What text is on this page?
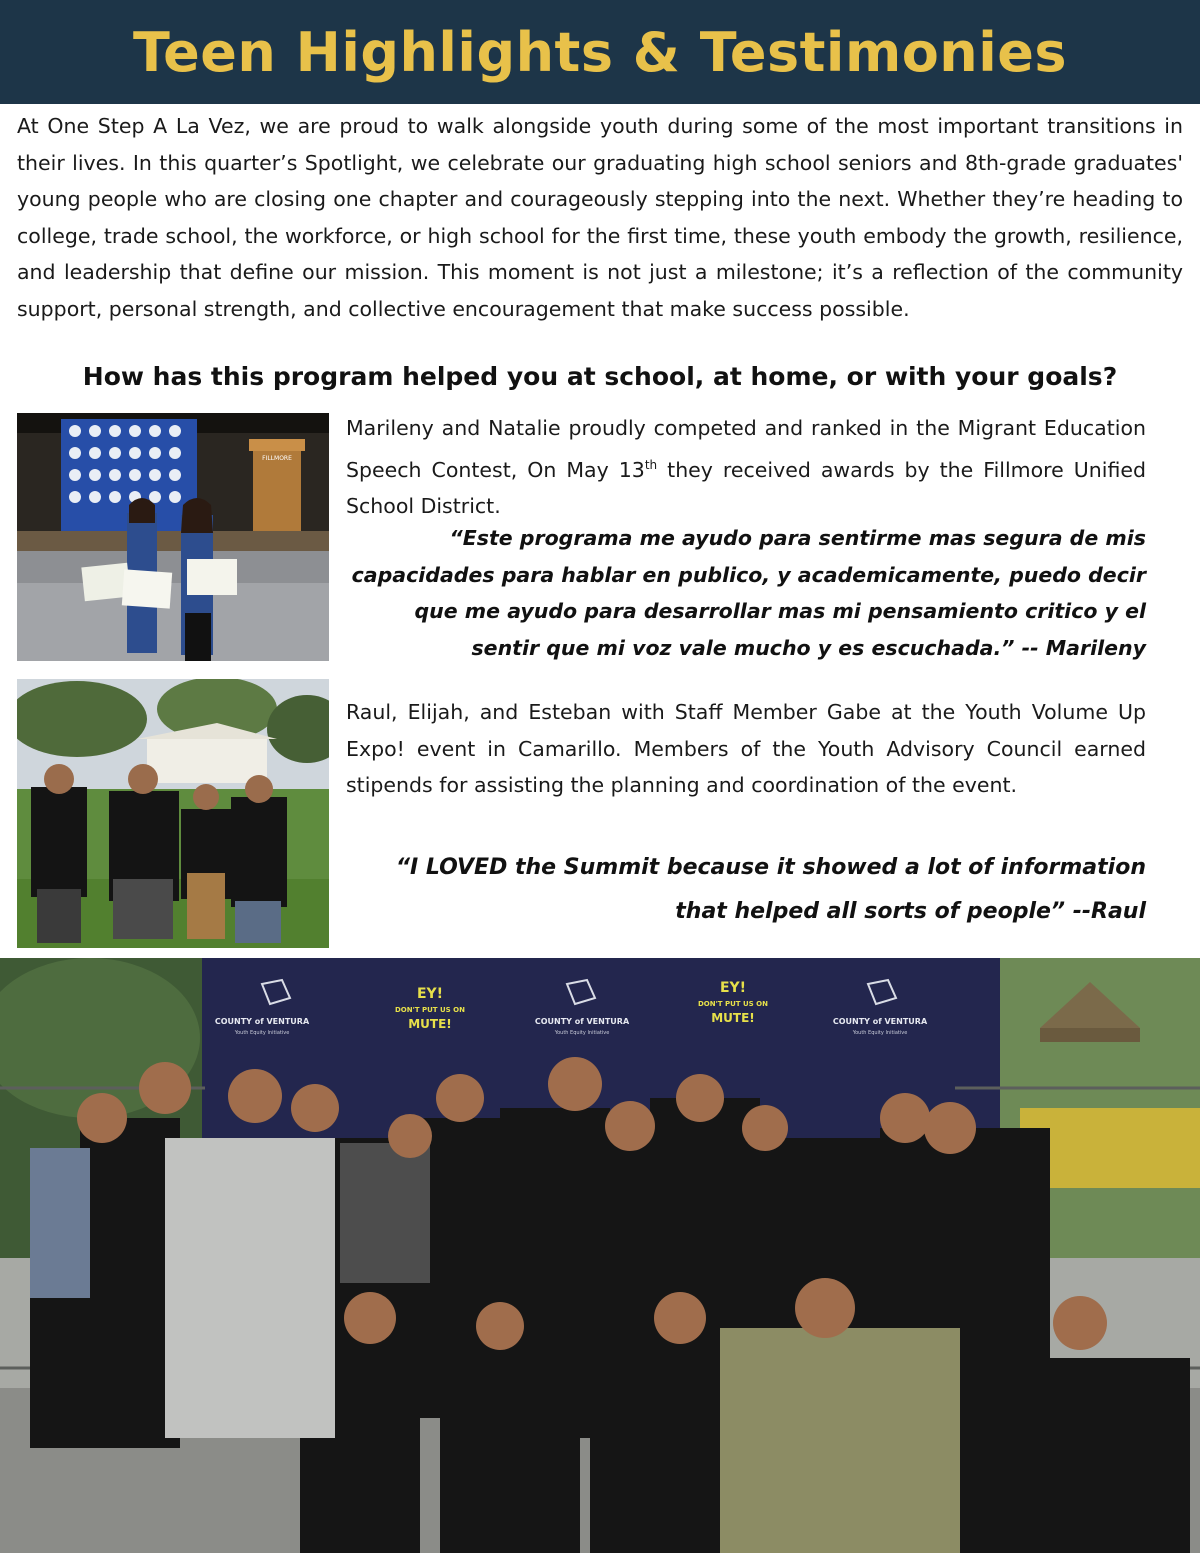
Teen Highlights & Testimonies

At One Step A La Vez, we are proud to walk alongside youth during some of the most important transitions in their lives. In this quarter’s Spotlight, we celebrate our graduating high school seniors and 8th-grade graduates' young people who are closing one chapter and courageously stepping into the next. Whether they’re heading to college, trade school, the workforce, or high school for the first time, these youth embody the growth, resilience, and leadership that define our mission. This moment is not just a milestone; it’s a reflection of the community support, personal strength, and collective encouragement that make success possible.

How has this program helped you at school, at home, or with your goals?

FILLMORE

Marileny and Natalie proudly competed and ranked in the Migrant Education Speech Contest, On May 13th they received awards by the Fillmore Unified School District.

“Este programa me ayudo para sentirme mas segura de mis capacidades para hablar en publico, y academicamente, puedo decir que me ayudo para desarrollar mas mi pensamiento critico y el sentir que mi voz vale mucho y es escuchada.” -- Marileny

Raul, Elijah, and Esteban with Staff Member Gabe at the Youth Volume Up Expo! event in Camarillo. Members of the Youth Advisory Council earned stipends for assisting the planning and coordination of the event.

“I LOVED the Summit because it showed a lot of information that helped all sorts of people” --Raul

COUNTY of VENTURA
Youth Equity Initiative
COUNTY of VENTURA
Youth Equity Initiative
COUNTY of VENTURA
Youth Equity Initiative
EY!
DON'T PUT US ON
MUTE!
EY!
DON'T PUT US ON
MUTE!
